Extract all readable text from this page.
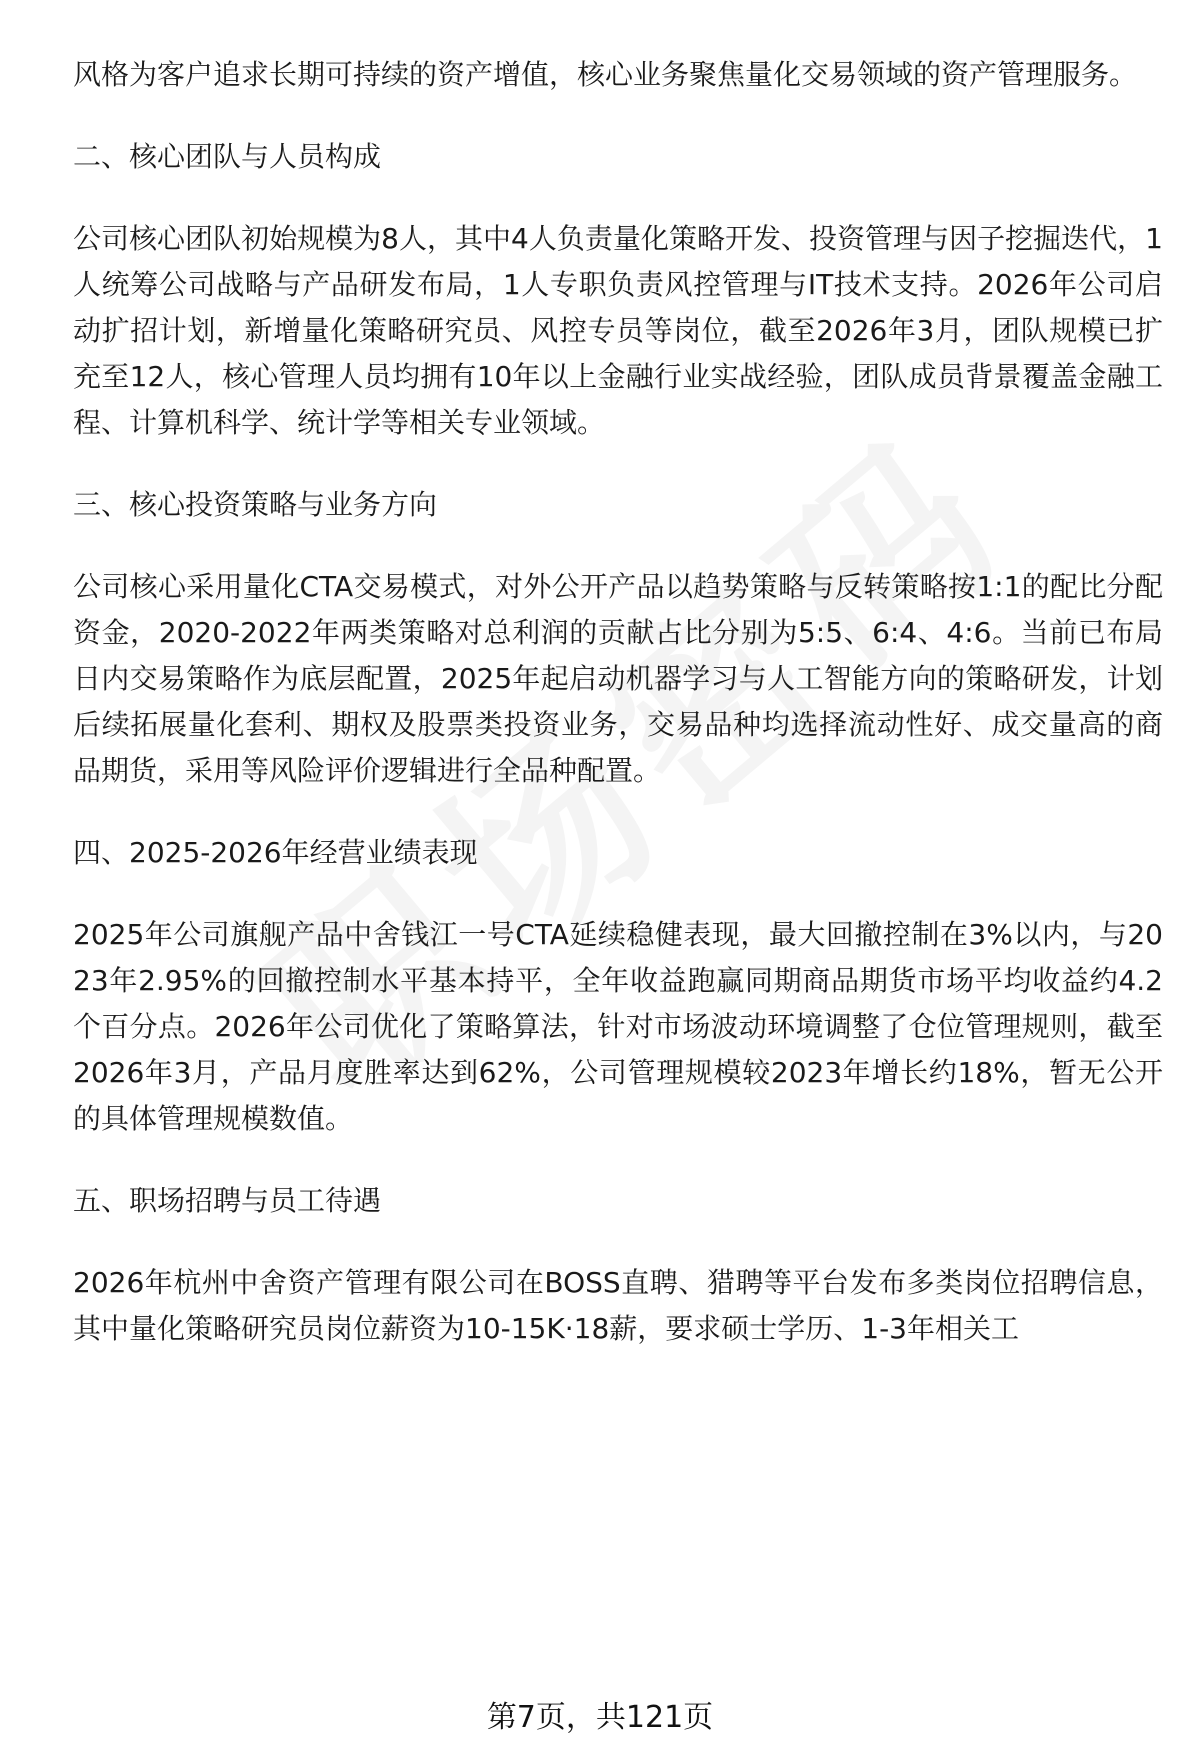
风格为客户追求长期可持续的资产增值，核心业务聚焦量化交易领域的资产管理服务。

二、核心团队与人员构成

公司核心团队初始规模为8人，其中4人负责量化策略开发、投资管理与因子挖掘迭代，1人统筹公司战略与产品研发布局，1人专职负责风控管理与IT技术支持。2026年公司启动扩招计划，新增量化策略研究员、风控专员等岗位，截至2026年3月，团队规模已扩充至12人，核心管理人员均拥有10年以上金融行业实战经验，团队成员背景覆盖金融工程、计算机科学、统计学等相关专业领域。

三、核心投资策略与业务方向

公司核心采用量化CTA交易模式，对外公开产品以趋势策略与反转策略按1:1的配比分配资金，2020-2022年两类策略对总利润的贡献占比分别为5:5、6:4、4:6。当前已布局日内交易策略作为底层配置，2025年起启动机器学习与人工智能方向的策略研发，计划后续拓展量化套利、期权及股票类投资业务，交易品种均选择流动性好、成交量高的商品期货，采用等风险评价逻辑进行全品种配置。

四、2025-2026年经营业绩表现

2025年公司旗舰产品中舍钱江一号CTA延续稳健表现，最大回撤控制在3%以内，与2023年2.95%的回撤控制水平基本持平，全年收益跑赢同期商品期货市场平均收益约4.2个百分点。2026年公司优化了策略算法，针对市场波动环境调整了仓位管理规则，截至2026年3月，产品月度胜率达到62%，公司管理规模较2023年增长约18%，暂无公开的具体管理规模数值。

五、职场招聘与员工待遇

2026年杭州中舍资产管理有限公司在BOSS直聘、猎聘等平台发布多类岗位招聘信息，其中量化策略研究员岗位薪资为10-15K·18薪，要求硕士学历、1-3年相关工

第7页，共121页
